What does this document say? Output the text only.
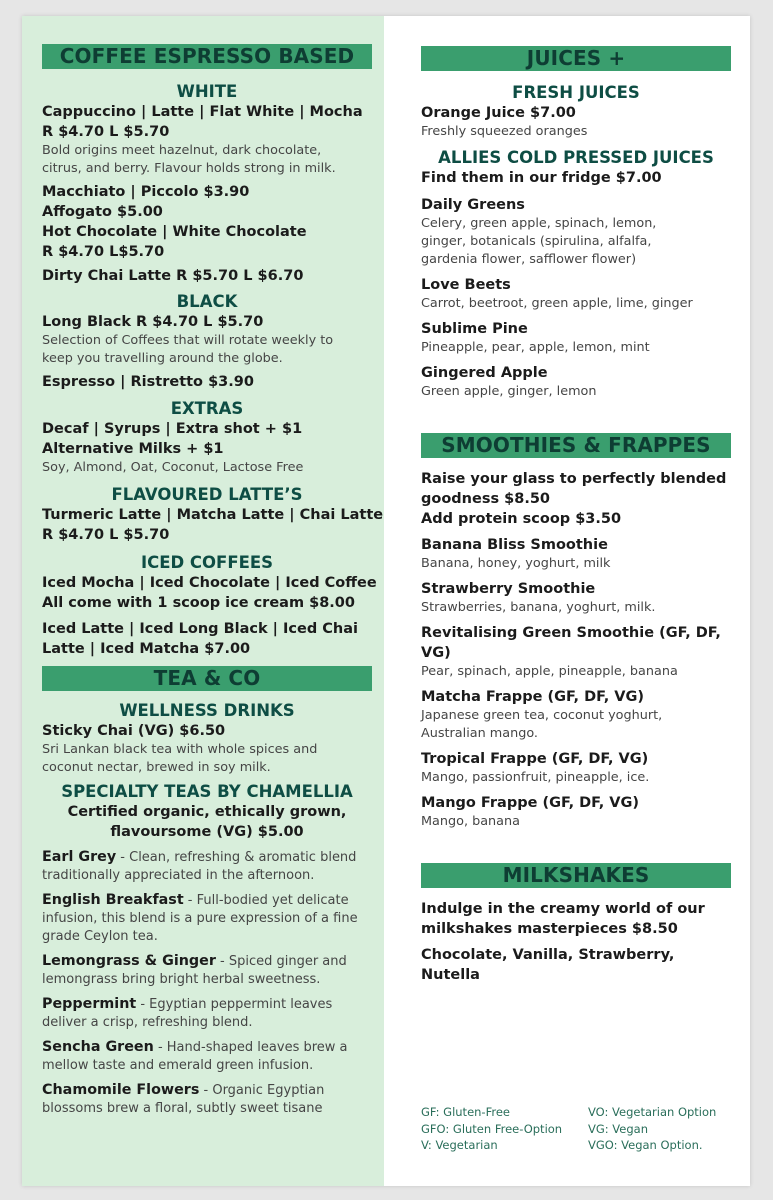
COFFEE ESPRESSO BASED
WHITE
Cappuccino | Latte | Flat White | Mocha
R $4.70 L $5.70
Bold origins meet hazelnut, dark chocolate,
citrus, and berry. Flavour holds strong in milk.
Macchiato | Piccolo $3.90
Affogato $5.00
Hot Chocolate | White Chocolate
R $4.70 L$5.70
Dirty Chai Latte R $5.70 L $6.70
BLACK
Long Black R $4.70 L $5.70
Selection of Coffees that will rotate weekly to
keep you travelling around the globe.
Espresso | Ristretto $3.90
EXTRAS
Decaf | Syrups | Extra shot + $1
Alternative Milks + $1
Soy, Almond, Oat, Coconut, Lactose Free
FLAVOURED LATTE’S
Turmeric Latte | Matcha Latte | Chai Latte
R $4.70 L $5.70
ICED COFFEES
Iced Mocha | Iced Chocolate | Iced Coffee
All come with 1 scoop ice cream $8.00
Iced Latte | Iced Long Black | Iced Chai
Latte | Iced Matcha $7.00
TEA & CO
WELLNESS DRINKS
Sticky Chai (VG) $6.50
Sri Lankan black tea with whole spices and
coconut nectar, brewed in soy milk.
SPECIALTY TEAS BY CHAMELLIA
Certified organic, ethically grown,
flavoursome (VG) $5.00
Earl Grey - Clean, refreshing & aromatic blend
traditionally appreciated in the afternoon.
English Breakfast - Full-bodied yet delicate
infusion, this blend is a pure expression of a fine
grade Ceylon tea.
Lemongrass & Ginger - Spiced ginger and
lemongrass bring bright herbal sweetness.
Peppermint - Egyptian peppermint leaves
deliver a crisp, refreshing blend.
Sencha Green - Hand-shaped leaves brew a
mellow taste and emerald green infusion.
Chamomile Flowers - Organic Egyptian
blossoms brew a floral, subtly sweet tisane
JUICES +
FRESH JUICES
Orange Juice $7.00
Freshly squeezed oranges
ALLIES COLD PRESSED JUICES
Find them in our fridge $7.00
Daily Greens
Celery, green apple, spinach, lemon,
ginger, botanicals (spirulina, alfalfa,
gardenia flower, safflower flower)
Love Beets
Carrot, beetroot, green apple, lime, ginger
Sublime Pine
Pineapple, pear, apple, lemon, mint
Gingered Apple
Green apple, ginger, lemon
SMOOTHIES & FRAPPES
Raise your glass to perfectly blended
goodness $8.50
Add protein scoop $3.50
Banana Bliss Smoothie
Banana, honey, yoghurt, milk
Strawberry Smoothie
Strawberries, banana, yoghurt, milk.
Revitalising Green Smoothie (GF, DF, VG)
Pear, spinach, apple, pineapple, banana
Matcha Frappe (GF, DF, VG)
Japanese green tea, coconut yoghurt,
Australian mango.
Tropical Frappe (GF, DF, VG)
Mango, passionfruit, pineapple, ice.
Mango Frappe (GF, DF, VG)
Mango, banana
MILKSHAKES
Indulge in the creamy world of our
milkshakes masterpieces $8.50
Chocolate, Vanilla, Strawberry,
Nutella
GF: Gluten-Free
GFO: Gluten Free-Option
V: Vegetarian
VO: Vegetarian Option
VG: Vegan
VGO: Vegan Option.
